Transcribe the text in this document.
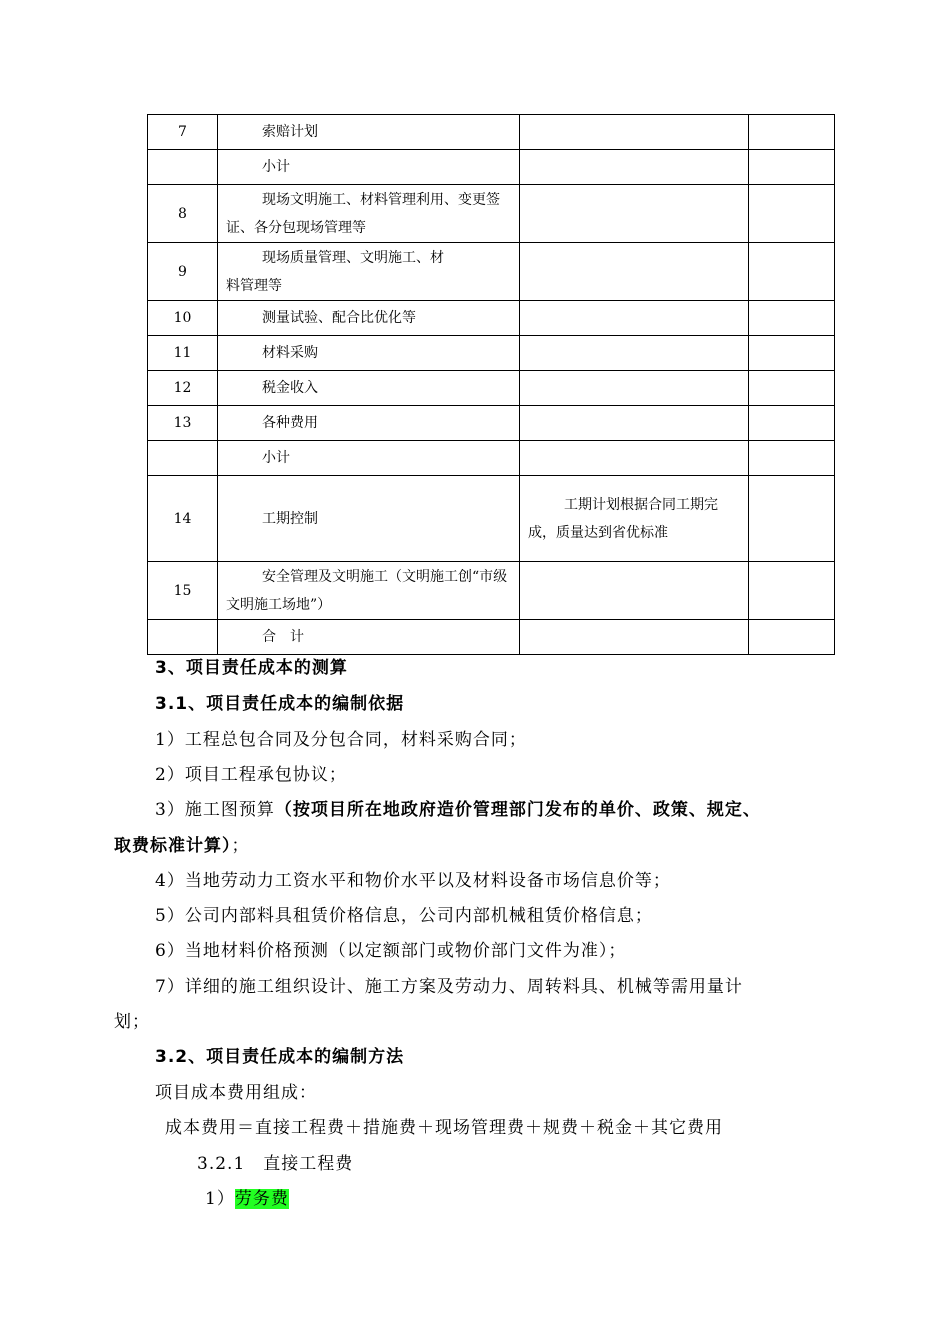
7	索赔计划		
	小计		
8	现场文明施工、材料管理利用、变更签证、各分包现场管理等		
9	现场质量管理、文明施工、材料管理等		
10	测量试验、配合比优化等		
11	材料采购		
12	税金收入		
13	各种费用		
	小计		
14	工期控制	工期计划根据合同工期完成，质量达到省优标准	
15	安全管理及文明施工（文明施工创“市级文明施工场地”）		
	合　计		
3、项目责任成本的测算
3.1、项目责任成本的编制依据
1）工程总包合同及分包合同，材料采购合同；
2）项目工程承包协议；
3）施工图预算（按项目所在地政府造价管理部门发布的单价、政策、规定、
取费标准计算）；
4）当地劳动力工资水平和物价水平以及材料设备市场信息价等；
5）公司内部料具租赁价格信息，公司内部机械租赁价格信息；
6）当地材料价格预测（以定额部门或物价部门文件为准）；
7）详细的施工组织设计、施工方案及劳动力、周转料具、机械等需用量计
划；
3.2、项目责任成本的编制方法
项目成本费用组成：
成本费用＝直接工程费＋措施费＋现场管理费＋规费＋税金＋其它费用
3.2.1　直接工程费
1）劳务费
